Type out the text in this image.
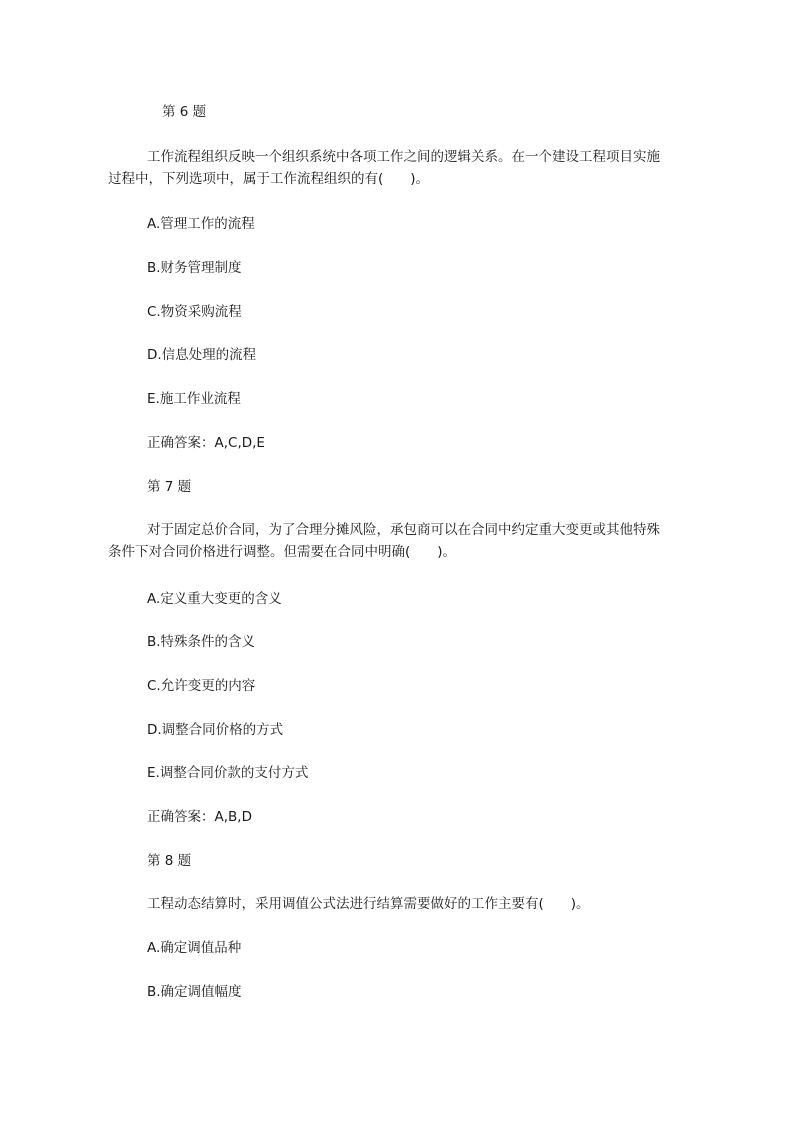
第 6 题
工作流程组织反映一个组织系统中各项工作之间的逻辑关系。在一个建设工程项目实施过程中，下列选项中，属于工作流程组织的有(　　)。
A.管理工作的流程
B.财务管理制度
C.物资采购流程
D.信息处理的流程
E.施工作业流程
正确答案：A,C,D,E
第 7 题
对于固定总价合同，为了合理分摊风险，承包商可以在合同中约定重大变更或其他特殊条件下对合同价格进行调整。但需要在合同中明确(　　)。
A.定义重大变更的含义
B.特殊条件的含义
C.允许变更的内容
D.调整合同价格的方式
E.调整合同价款的支付方式
正确答案：A,B,D
第 8 题
工程动态结算时，采用调值公式法进行结算需要做好的工作主要有(　　)。
A.确定调值品种
B.确定调值幅度
